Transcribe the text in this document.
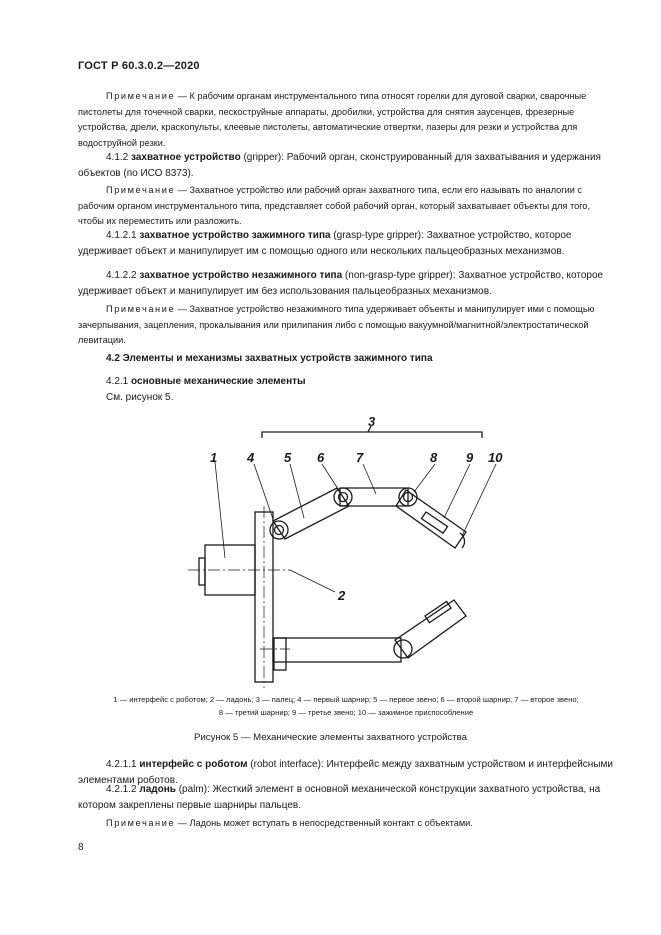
ГОСТ Р 60.3.0.2—2020
Примечание — К рабочим органам инструментального типа относят горелки для дуговой сварки, сварочные пистолеты для точечной сварки, пескоструйные аппараты, дробилки, устройства для снятия заусенцев, фрезерные устройства, дрели, краскопульты, клеевые пистолеты, автоматические отвертки, лазеры для резки и устройства для водоструйной резки.
4.1.2 захватное устройство (gripper): Рабочий орган, сконструированный для захватывания и удержания объектов (по ИСО 8373).
Примечание — Захватное устройство или рабочий орган захватного типа, если его называть по аналогии с рабочим органом инструментального типа, представляет собой рабочий орган, который захватывает объекты для того, чтобы их переместить или разложить.
4.1.2.1 захватное устройство зажимного типа (grasp-type gripper): Захватное устройство, которое удерживает объект и манипулирует им с помощью одного или нескольких пальцеобразных механизмов.
4.1.2.2 захватное устройство незажимного типа (non-grasp-type gripper): Захватное устройство, которое удерживает объект и манипулирует им без использования пальцеобразных механизмов.
Примечание — Захватное устройство незажимного типа удерживает объекты и манипулирует ими с помощью зачерпывания, зацепления, прокалывания или прилипания либо с помощью вакуумной/магнитной/электростатической левитации.
4.2 Элементы и механизмы захватных устройств зажимного типа
4.2.1 основные механические элементы
См. рисунок 5.
1
2
3
4 5 6 7	8 9 10
1 — интерфейс с роботом; 2 — ладонь; 3 — палец; 4 — первый шарнир; 5 — первое звено; 6 — второй шарнир; 7 — второе звено;
8 — третий шарнир; 9 — третье звено; 10 — зажимное приспособление
Рисунок 5 — Механические элементы захватного устройства
4.2.1.1 интерфейс с роботом (robot interface): Интерфейс между захватным устройством и интерфейсными элементами роботов.
4.2.1.2 ладонь (palm): Жесткий элемент в основной механической конструкции захватного устройства, на котором закреплены первые шарниры пальцев.
Примечание — Ладонь может вступать в непосредственный контакт с объектами.
8
